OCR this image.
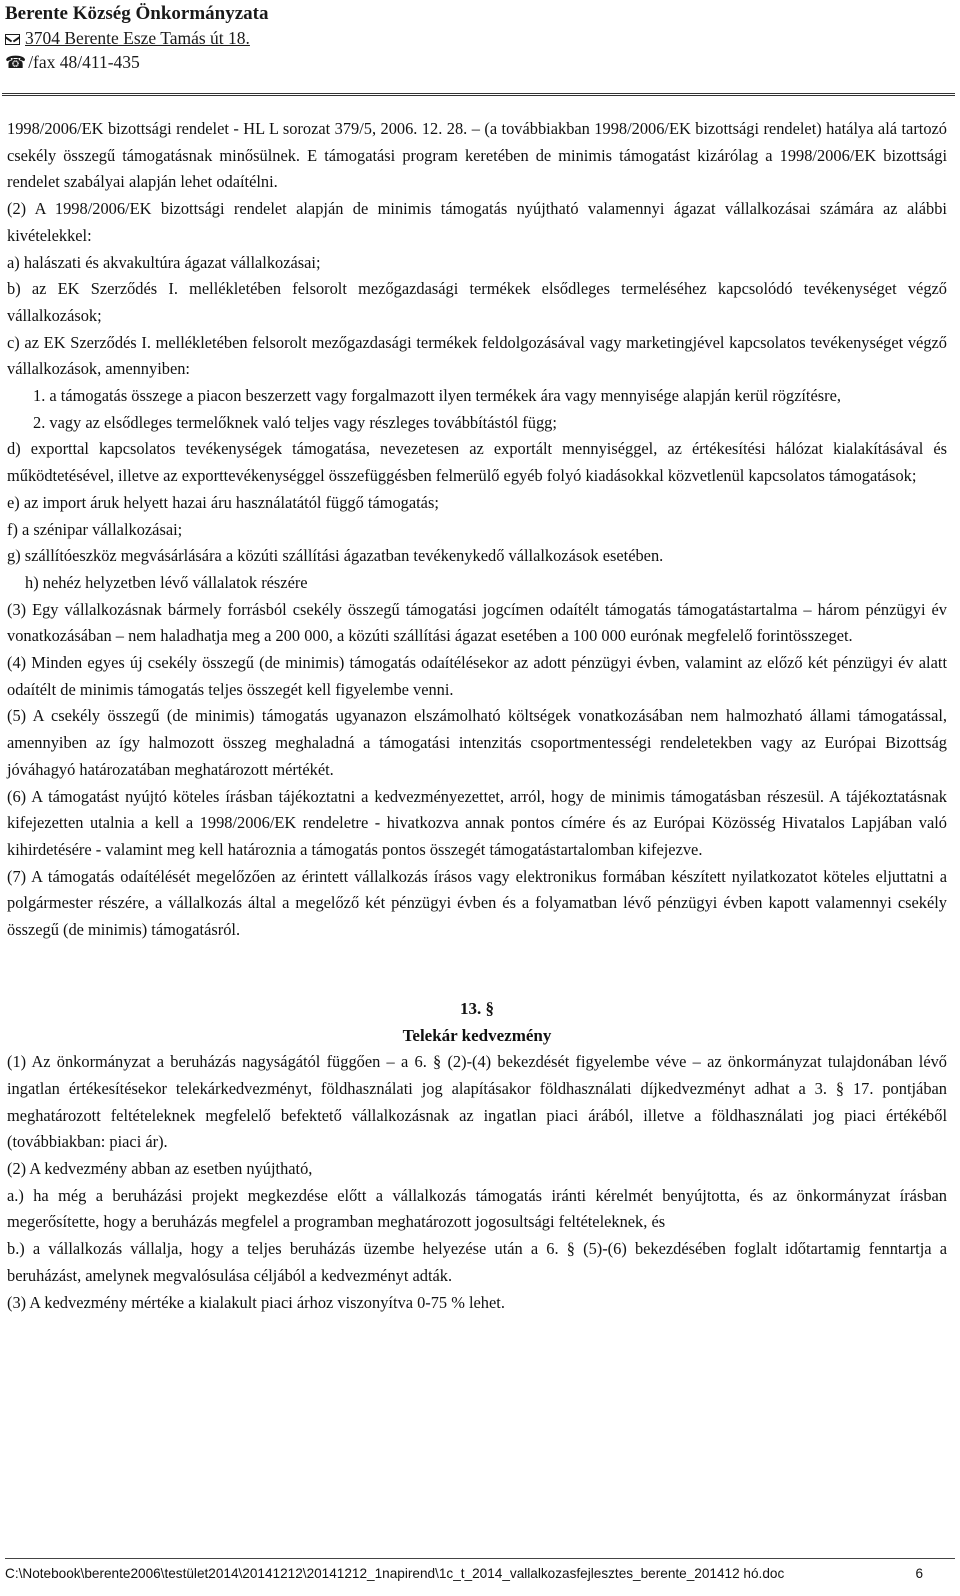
Berente Község Önkormányzata
3704 Berente Esze Tamás út 18.
☎ /fax 48/411-435

1998/2006/EK bizottsági rendelet - HL L sorozat 379/5, 2006. 12. 28. – (a továbbiakban 1998/2006/EK bizottsági rendelet) hatálya alá tartozó csekély összegű támogatásnak minősülnek. E támogatási program keretében de minimis támogatást kizárólag a 1998/2006/EK bizottsági rendelet szabályai alapján lehet odaítélni.

(2) A 1998/2006/EK bizottsági rendelet alapján de minimis támogatás nyújtható valamennyi ágazat vállalkozásai számára az alábbi kivételekkel:

a) halászati és akvakultúra ágazat vállalkozásai;

b) az EK Szerződés I. mellékletében felsorolt mezőgazdasági termékek elsődleges termeléséhez kapcsolódó tevékenységet végző vállalkozások;

c) az EK Szerződés I. mellékletében felsorolt mezőgazdasági termékek feldolgozásával vagy marketingjével kapcsolatos tevékenységet végző vállalkozások, amennyiben:

1. a támogatás összege a piacon beszerzett vagy forgalmazott ilyen termékek ára vagy mennyisége alapján kerül rögzítésre,

2. vagy az elsődleges termelőknek való teljes vagy részleges továbbítástól függ;

d) exporttal kapcsolatos tevékenységek támogatása, nevezetesen az exportált mennyiséggel, az értékesítési hálózat kialakításával és működtetésével, illetve az exporttevékenységgel összefüggésben felmerülő egyéb folyó kiadásokkal közvetlenül kapcsolatos támogatások;

e) az import áruk helyett hazai áru használatától függő támogatás;

f) a szénipar vállalkozásai;

g) szállítóeszköz megvásárlására a közúti szállítási ágazatban tevékenykedő vállalkozások esetében.

h) nehéz helyzetben lévő vállalatok részére

(3) Egy vállalkozásnak bármely forrásból csekély összegű támogatási jogcímen odaítélt támogatás támogatástartalma – három pénzügyi év vonatkozásában – nem haladhatja meg a 200 000, a közúti szállítási ágazat esetében a 100 000 eurónak megfelelő forintösszeget.

(4) Minden egyes új csekély összegű (de minimis) támogatás odaítélésekor az adott pénzügyi évben, valamint az előző két pénzügyi év alatt odaítélt de minimis támogatás teljes összegét kell figyelembe venni.

(5) A csekély összegű (de minimis) támogatás ugyanazon elszámolható költségek vonatkozásában nem halmozható állami támogatással, amennyiben az így halmozott összeg meghaladná a támogatási intenzitás csoportmentességi rendeletekben vagy az Európai Bizottság jóváhagyó határozatában meghatározott mértékét.

(6) A támogatást nyújtó köteles írásban tájékoztatni a kedvezményezettet, arról, hogy de minimis támogatásban részesül. A tájékoztatásnak kifejezetten utalnia a kell a 1998/2006/EK rendeletre - hivatkozva annak pontos címére és az Európai Közösség Hivatalos Lapjában való kihirdetésére - valamint meg kell határoznia a támogatás pontos összegét támogatástartalomban kifejezve.

(7) A támogatás odaítélését megelőzően az érintett vállalkozás írásos vagy elektronikus formában készített nyilatkozatot köteles eljuttatni a polgármester részére, a vállalkozás által a megelőző két pénzügyi évben és a folyamatban lévő pénzügyi évben kapott valamennyi csekély összegű (de minimis) támogatásról.

13. §

Telekár kedvezmény

(1) Az önkormányzat a beruházás nagyságától függően – a 6. § (2)-(4) bekezdését figyelembe véve – az önkormányzat tulajdonában lévő ingatlan értékesítésekor telekárkedvezményt, földhasználati jog alapításakor földhasználati díjkedvezményt adhat a 3. § 17. pontjában meghatározott feltételeknek megfelelő befektető vállalkozásnak az ingatlan piaci árából, illetve a földhasználati jog piaci értékéből (továbbiakban: piaci ár).

(2) A kedvezmény abban az esetben nyújtható,

a.) ha még a beruházási projekt megkezdése előtt a vállalkozás támogatás iránti kérelmét benyújtotta, és az önkormányzat írásban megerősítette, hogy a beruházás megfelel a programban meghatározott jogosultsági feltételeknek, és

b.) a vállalkozás vállalja, hogy a teljes beruházás üzembe helyezése után a 6. § (5)-(6) bekezdésében foglalt időtartamig fenntartja a beruházást, amelynek megvalósulása céljából a kedvezményt adták.

(3) A kedvezmény mértéke a kialakult piaci árhoz viszonyítva 0-75 % lehet.

C:\Notebook\berente2006\testület2014\20141212\20141212_1napirend\1c_t_2014_vallalkozasfejlesztes_berente_201412 hó.doc	6
